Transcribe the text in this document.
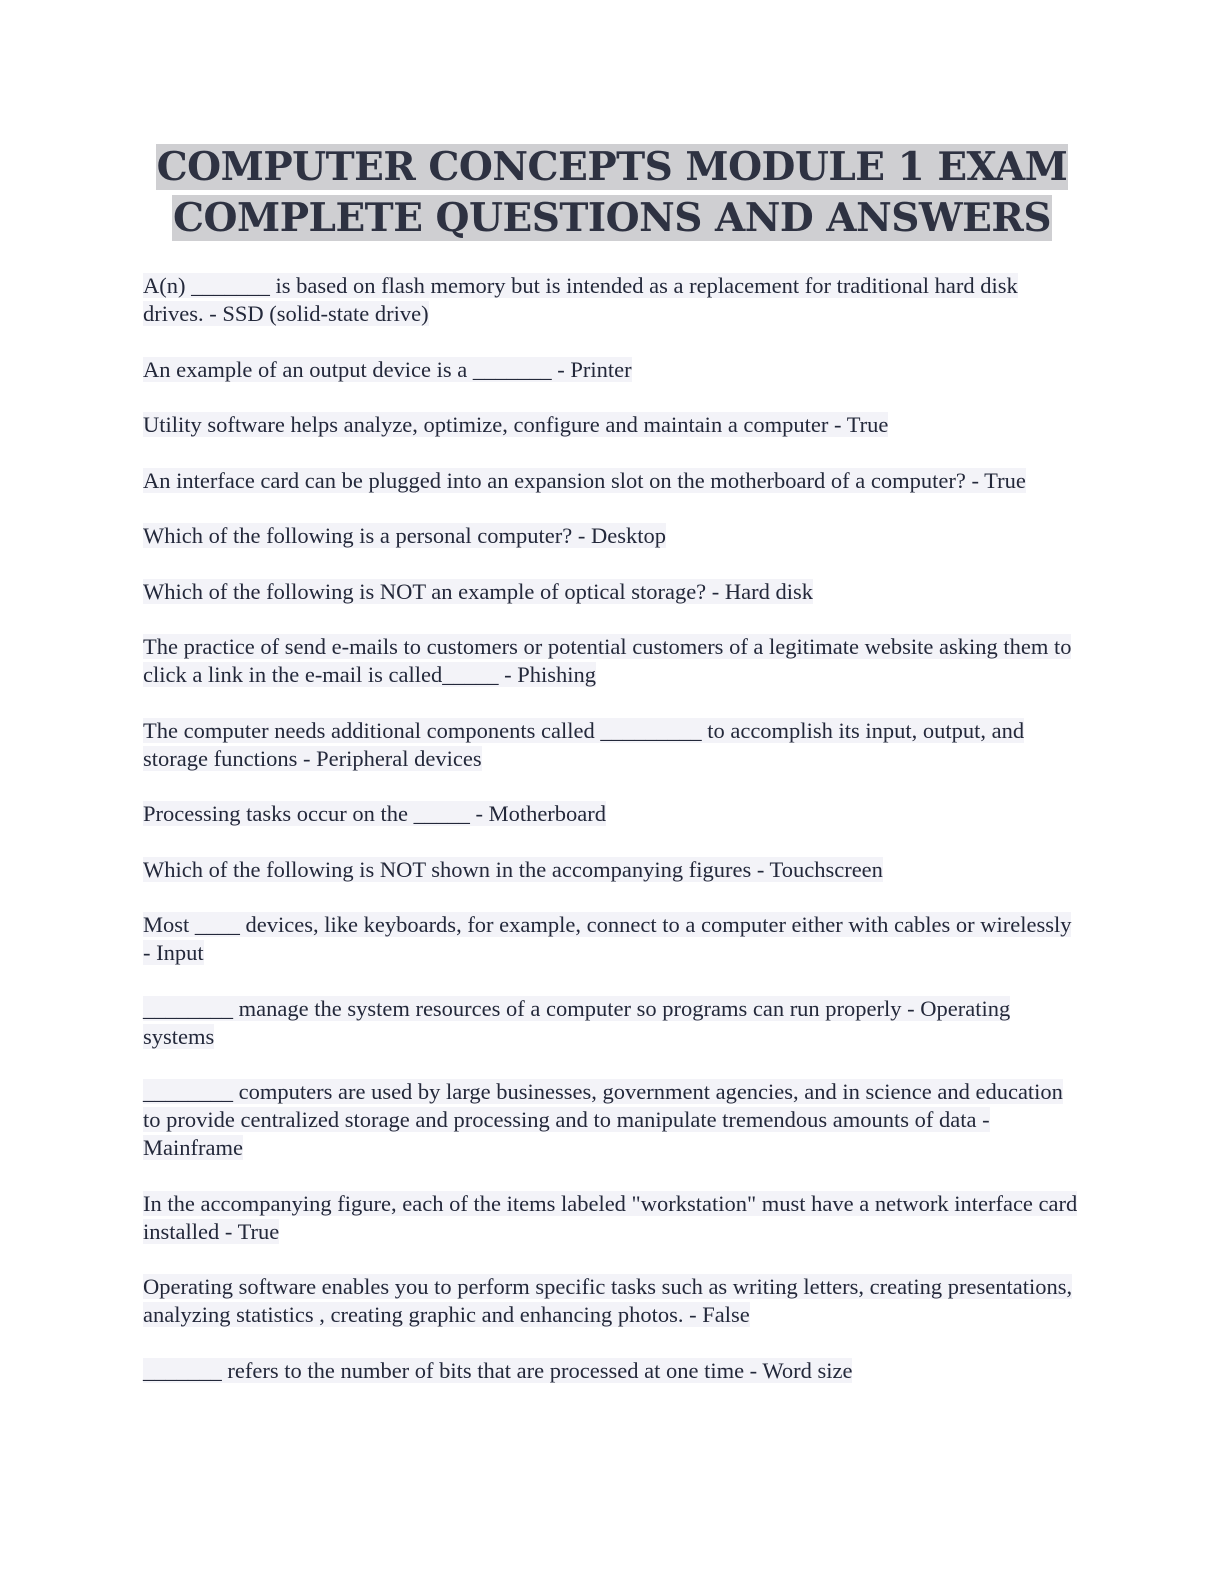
COMPUTER CONCEPTS MODULE 1 EXAM
COMPLETE QUESTIONS AND ANSWERS
A(n) _______ is based on flash memory but is intended as a replacement for traditional hard disk drives. - SSD (solid-state drive)
An example of an output device is a _______ - Printer
Utility software helps analyze, optimize, configure and maintain a computer - True
An interface card can be plugged into an expansion slot on the motherboard of a computer? - True
Which of the following is a personal computer? - Desktop
Which of the following is NOT an example of optical storage? - Hard disk
The practice of send e-mails to customers or potential customers of a legitimate website asking them to click a link in the e-mail is called_____ - Phishing
The computer needs additional components called _________ to accomplish its input, output, and storage functions - Peripheral devices
Processing tasks occur on the _____ - Motherboard
Which of the following is NOT shown in the accompanying figures - Touchscreen
Most ____ devices, like keyboards, for example, connect to a computer either with cables or wirelessly - Input
________ manage the system resources of a computer so programs can run properly - Operating systems
________ computers are used by large businesses, government agencies, and in science and education to provide centralized storage and processing and to manipulate tremendous amounts of data - Mainframe
In the accompanying figure, each of the items labeled "workstation" must have a network interface card installed - True
Operating software enables you to perform specific tasks such as writing letters, creating presentations, analyzing statistics , creating graphic and enhancing photos. - False
_______ refers to the number of bits that are processed at one time - Word size
